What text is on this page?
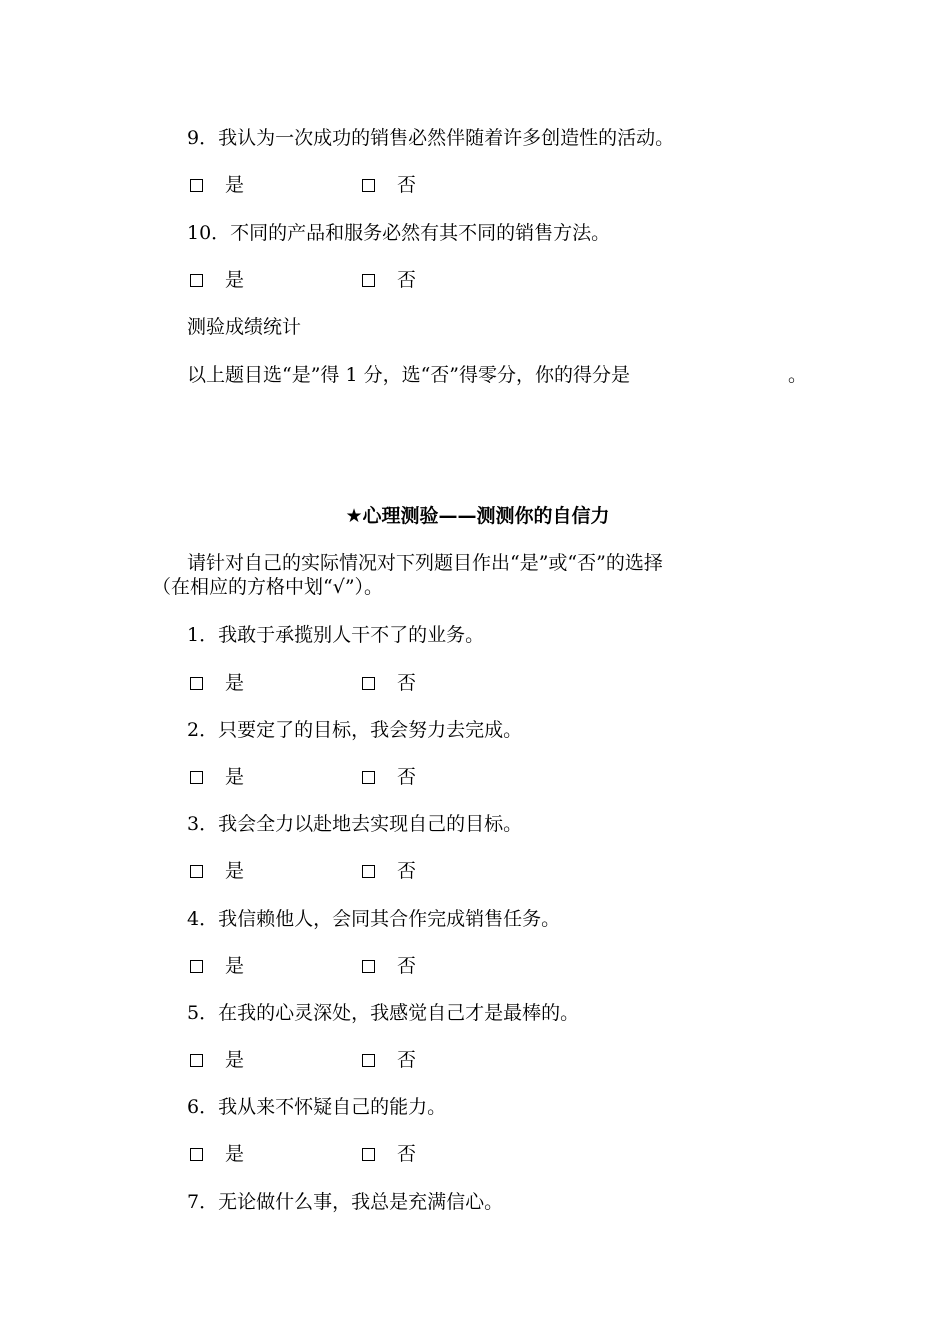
9．我认为一次成功的销售必然伴随着许多创造性的活动。
是	否
10．不同的产品和服务必然有其不同的销售方法。
是	否
测验成绩统计
以上题目选“是”得 1 分，选“否”得零分，你的得分是	。
★心理测验——测测你的自信力
请针对自己的实际情况对下列题目作出“是”或“否”的选择
（在相应的方格中划“√”）。
1．我敢于承揽别人干不了的业务。
是	否
2．只要定了的目标，我会努力去完成。
是	否
3．我会全力以赴地去实现自己的目标。
是	否
4．我信赖他人，会同其合作完成销售任务。
是	否
5．在我的心灵深处，我感觉自己才是最棒的。
是	否
6．我从来不怀疑自己的能力。
是	否
7．无论做什么事，我总是充满信心。
